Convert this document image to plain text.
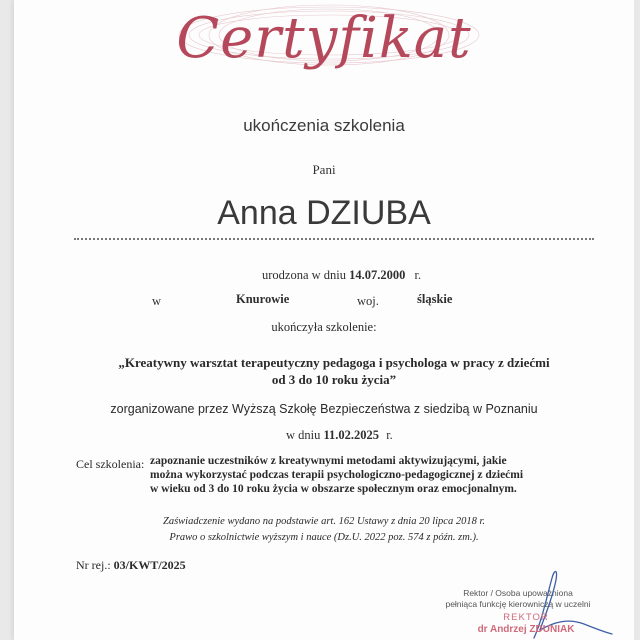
Certyfikat
ukończenia szkolenia
Pani
Anna DZIUBA
urodzona w dniu 14.07.2000 r.
w	Knurowie	woj.	śląskie
ukończyła szkolenie:
„Kreatywny warsztat terapeutyczny pedagoga i psychologa w pracy z dziećmi
od 3 do 10 roku życia”
zorganizowane przez Wyższą Szkołę Bezpieczeństwa z siedzibą w Poznaniu
w dniu 11.02.2025 r.
Cel szkolenia: zapoznanie uczestników z kreatywnymi metodami aktywizującymi, jakie
można wykorzystać podczas terapii psychologiczno-pedagogicznej z dziećmi
w wieku od 3 do 10 roku życia w obszarze społecznym oraz emocjonalnym.
Zaświadczenie wydano na podstawie art. 162 Ustawy z dnia 20 lipca 2018 r.
Prawo o szkolnictwie wyższym i nauce (Dz.U. 2022 poz. 574 z późn. zm.).
Nr rej.: 03/KWT/2025
Rektor / Osoba upoważniona
pełniąca funkcję kierowniczą w uczelni
REKTOR
dr Andrzej ZDUNIAK
